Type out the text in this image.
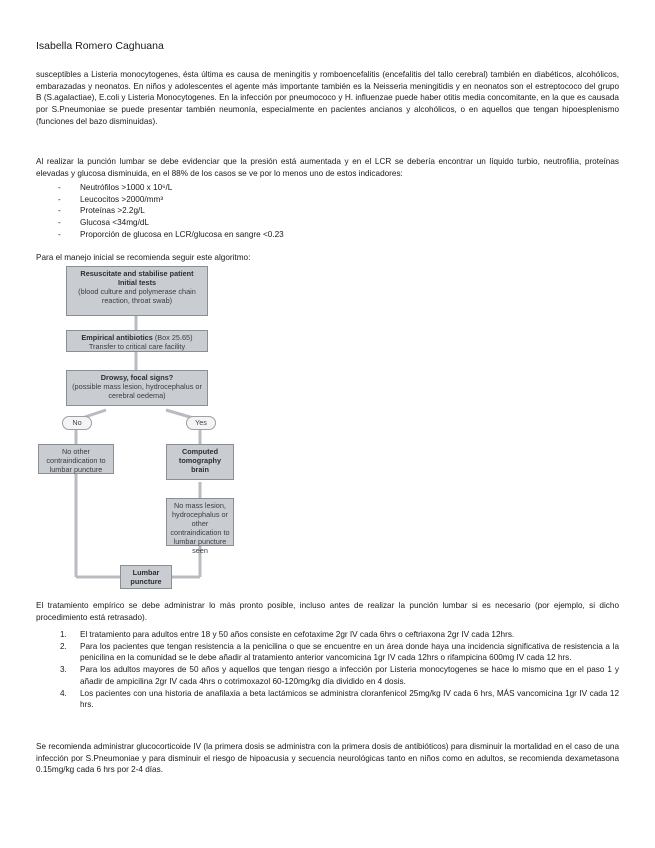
Isabella Romero Caghuana
susceptibles a Listeria monocytogenes, ésta última es causa de meningitis y romboencefalitis (encefalitis del tallo cerebral) también en diabéticos, alcohólicos, embarazadas y neonatos. En niños y adolescentes el agente más importante también es la Neisseria meningitidis y en neonatos son el estreptococo del grupo B (S.agalactiae), E.coli y Listeria Monocytogenes. En la infección por pneumococo y H. influenzae puede haber otitis media concomitante, en la que es causada por S.Pneumoniae se puede presentar también neumonía, especialmente en pacientes ancianos y alcohólicos, o en aquellos que tengan hipoesplenismo (funciones del bazo disminuidas).
Al realizar la punción lumbar se debe evidenciar que la presión está aumentada y en el LCR se debería encontrar un líquido turbio, neutrofilia, proteínas elevadas y glucosa disminuida, en el 88% de los casos se ve por lo menos uno de estos indicadores:
- Neutrófilos >1000 x 10⁶/L
- Leucocitos >2000/mm³
- Proteínas >2.2g/L
- Glucosa <34mg/dL
- Proporción de glucosa en LCR/glucosa en sangre <0.23
Para el manejo inicial se recomienda seguir este algoritmo:
Resuscitate and stabilise patient
Initial tests
(blood culture and polymerase chain reaction, throat swab)
Empirical antibiotics (Box 25.65)
Transfer to critical care facility
Drowsy, focal signs?
(possible mass lesion, hydrocephalus or cerebral oedema)
No	Yes
No other contraindication to lumbar puncture
Computed tomography brain
No mass lesion, hydrocephalus or other contraindication to lumbar puncture seen
Lumbar puncture
El tratamiento empírico se debe administrar lo más pronto posible, incluso antes de realizar la punción lumbar si es necesario (por ejemplo, si dicho procedimiento está retrasado).
1. El tratamiento para adultos entre 18 y 50 años consiste en cefotaxime 2gr IV cada 6hrs o ceftriaxona 2gr IV cada 12hrs.
2. Para los pacientes que tengan resistencia a la penicilina o que se encuentre en un área donde haya una incidencia significativa de resistencia a la penicilina en la comunidad se le debe añadir al tratamiento anterior vancomicina 1gr IV cada 12hrs o rifampicina 600mg IV cada 12 hrs.
3. Para los adultos mayores de 50 años y aquellos que tengan riesgo a infección por Listeria monocytogenes se hace lo mismo que en el paso 1 y añadir de ampicilina 2gr IV cada 4hrs o cotrimoxazol 60-120mg/kg día dividido en 4 dosis.
4. Los pacientes con una historia de anafilaxia a beta lactámicos se administra cloranfenicol 25mg/kg IV cada 6 hrs, MÁS vancomicina 1gr IV cada 12 hrs.
Se recomienda administrar glucocorticoide IV (la primera dosis se administra con la primera dosis de antibióticos) para disminuir la mortalidad en el caso de una infección por S.Pneumoniae y para disminuir el riesgo de hipoacusia y secuencia neurológicas tanto en niños como en adultos, se recomienda dexametasona 0.15mg/kg cada 6 hrs por 2-4 días.
